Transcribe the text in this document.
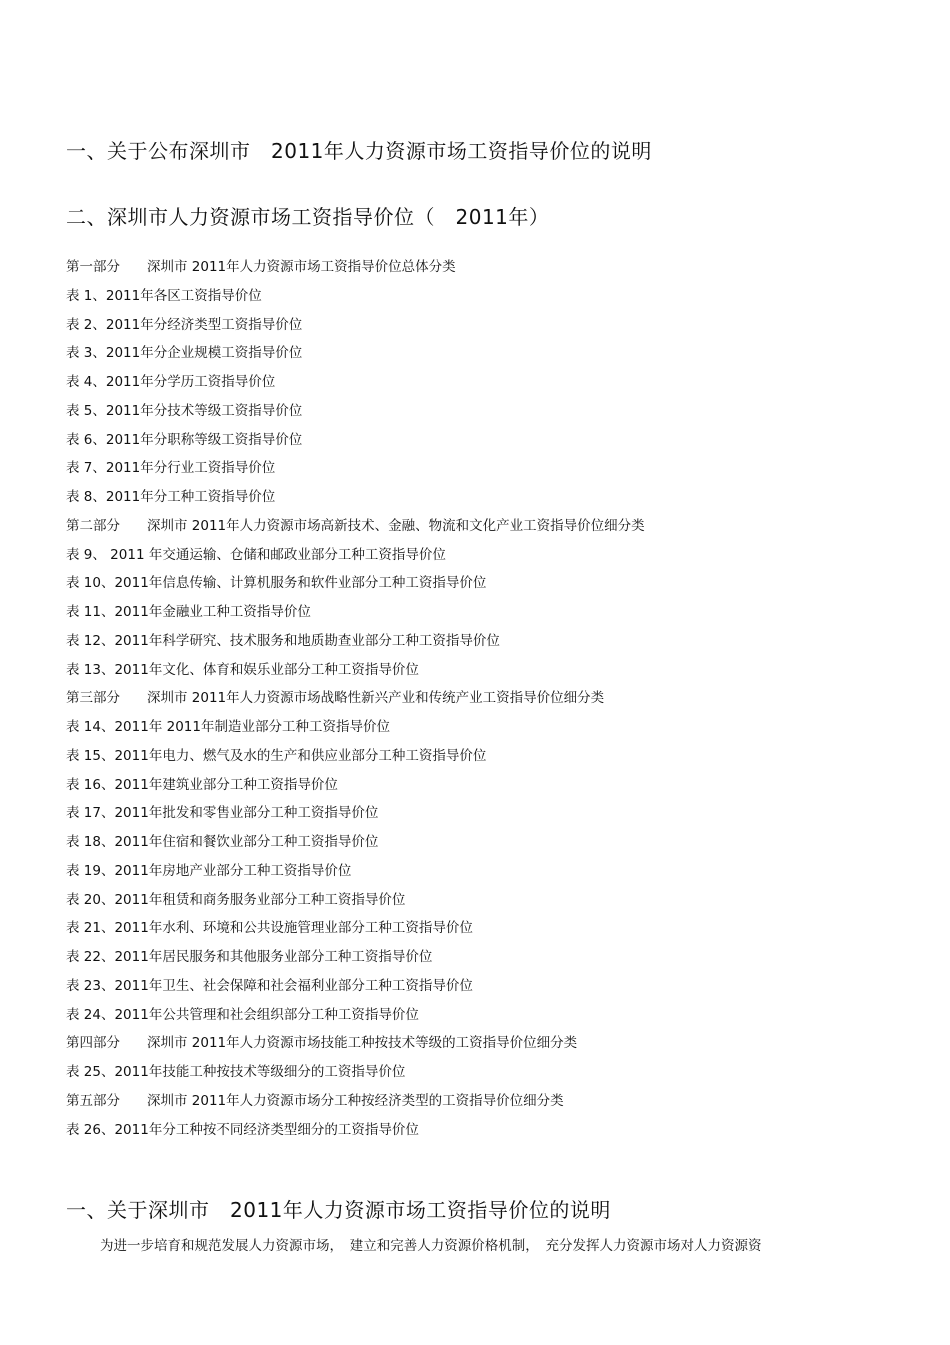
一、关于公布深圳市　2011年人力资源市场工资指导价位的说明
二、深圳市人力资源市场工资指导价位（　2011年）
第一部分　　深圳市 2011年人力资源市场工资指导价位总体分类
表 1、2011年各区工资指导价位
表 2、2011年分经济类型工资指导价位
表 3、2011年分企业规模工资指导价位
表 4、2011年分学历工资指导价位
表 5、2011年分技术等级工资指导价位
表 6、2011年分职称等级工资指导价位
表 7、2011年分行业工资指导价位
表 8、2011年分工种工资指导价位
第二部分　　深圳市 2011年人力资源市场高新技术、金融、物流和文化产业工资指导价位细分类
表 9、 2011 年交通运输、仓储和邮政业部分工种工资指导价位
表 10、2011年信息传输、计算机服务和软件业部分工种工资指导价位
表 11、2011年金融业工种工资指导价位
表 12、2011年科学研究、技术服务和地质勘查业部分工种工资指导价位
表 13、2011年文化、体育和娱乐业部分工种工资指导价位
第三部分　　深圳市 2011年人力资源市场战略性新兴产业和传统产业工资指导价位细分类
表 14、2011年 2011年制造业部分工种工资指导价位
表 15、2011年电力、燃气及水的生产和供应业部分工种工资指导价位
表 16、2011年建筑业部分工种工资指导价位
表 17、2011年批发和零售业部分工种工资指导价位
表 18、2011年住宿和餐饮业部分工种工资指导价位
表 19、2011年房地产业部分工种工资指导价位
表 20、2011年租赁和商务服务业部分工种工资指导价位
表 21、2011年水利、环境和公共设施管理业部分工种工资指导价位
表 22、2011年居民服务和其他服务业部分工种工资指导价位
表 23、2011年卫生、社会保障和社会福利业部分工种工资指导价位
表 24、2011年公共管理和社会组织部分工种工资指导价位
第四部分　　深圳市 2011年人力资源市场技能工种按技术等级的工资指导价位细分类
表 25、2011年技能工种按技术等级细分的工资指导价位
第五部分　　深圳市 2011年人力资源市场分工种按经济类型的工资指导价位细分类
表 26、2011年分工种按不同经济类型细分的工资指导价位
一、关于深圳市　2011年人力资源市场工资指导价位的说明
为进一步培育和规范发展人力资源市场，　建立和完善人力资源价格机制，　充分发挥人力资源市场对人力资源资
